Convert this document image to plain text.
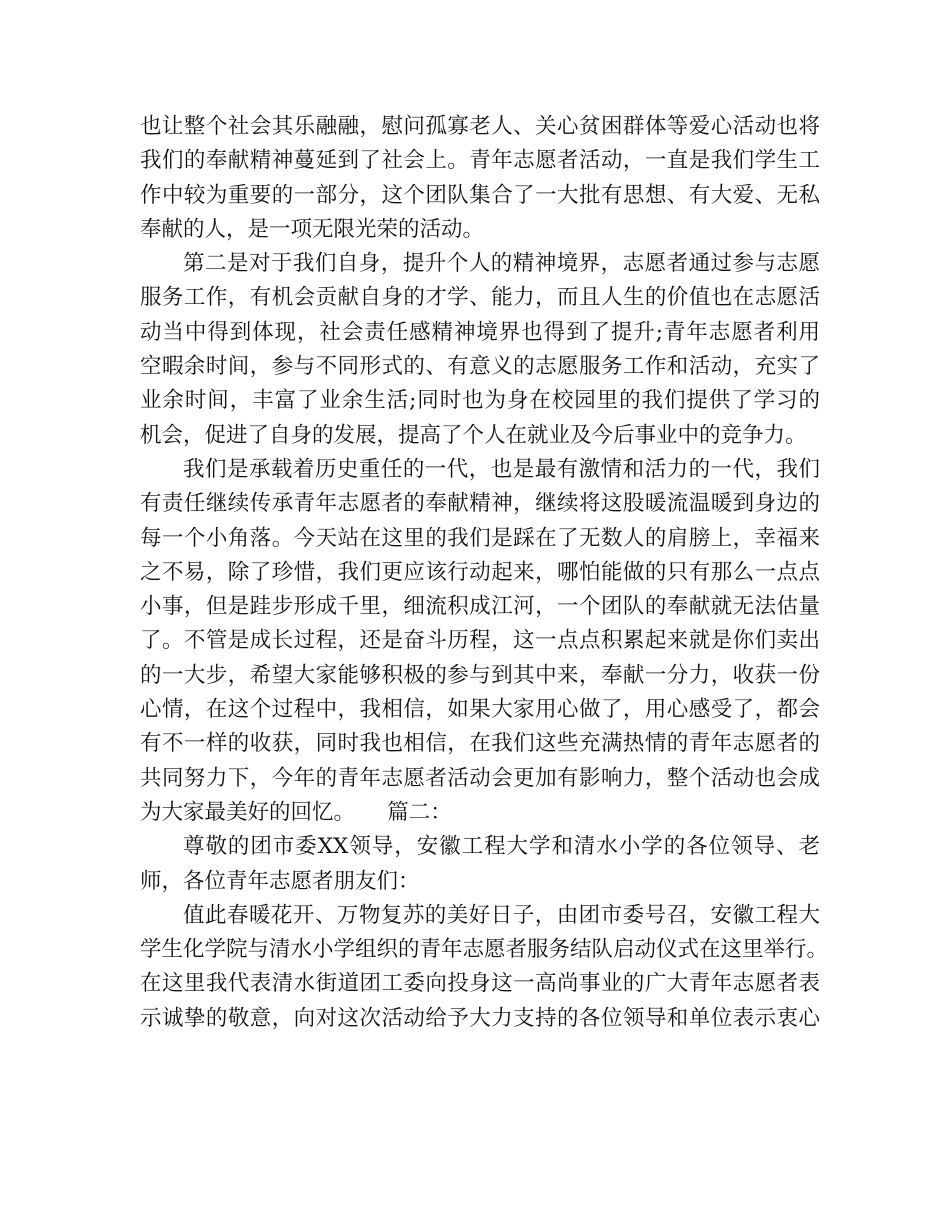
也让整个社会其乐融融，慰问孤寡老人、关心贫困群体等爱心活动也将
我们的奉献精神蔓延到了社会上。青年志愿者活动，一直是我们学生工
作中较为重要的一部分，这个团队集合了一大批有思想、有大爱、无私
奉献的人，是一项无限光荣的活动。
第二是对于我们自身，提升个人的精神境界，志愿者通过参与志愿
服务工作，有机会贡献自身的才学、能力，而且人生的价值也在志愿活
动当中得到体现，社会责任感精神境界也得到了提升;青年志愿者利用
空暇余时间，参与不同形式的、有意义的志愿服务工作和活动，充实了
业余时间，丰富了业余生活;同时也为身在校园里的我们提供了学习的
机会，促进了自身的发展，提高了个人在就业及今后事业中的竞争力。
我们是承载着历史重任的一代，也是最有激情和活力的一代，我们
有责任继续传承青年志愿者的奉献精神，继续将这股暖流温暖到身边的
每一个小角落。今天站在这里的我们是踩在了无数人的肩膀上，幸福来
之不易，除了珍惜，我们更应该行动起来，哪怕能做的只有那么一点点
小事，但是跬步形成千里，细流积成江河，一个团队的奉献就无法估量
了。不管是成长过程，还是奋斗历程，这一点点积累起来就是你们卖出
的一大步，希望大家能够积极的参与到其中来，奉献一分力，收获一份
心情，在这个过程中，我相信，如果大家用心做了，用心感受了，都会
有不一样的收获，同时我也相信，在我们这些充满热情的青年志愿者的
共同努力下，今年的青年志愿者活动会更加有影响力，整个活动也会成
为大家最美好的回忆。　　篇二：
尊敬的团市委XX领导，安徽工程大学和清水小学的各位领导、老
师，各位青年志愿者朋友们：
值此春暖花开、万物复苏的美好日子，由团市委号召，安徽工程大
学生化学院与清水小学组织的青年志愿者服务结队启动仪式在这里举行。
在这里我代表清水街道团工委向投身这一高尚事业的广大青年志愿者表
示诚挚的敬意，向对这次活动给予大力支持的各位领导和单位表示衷心
